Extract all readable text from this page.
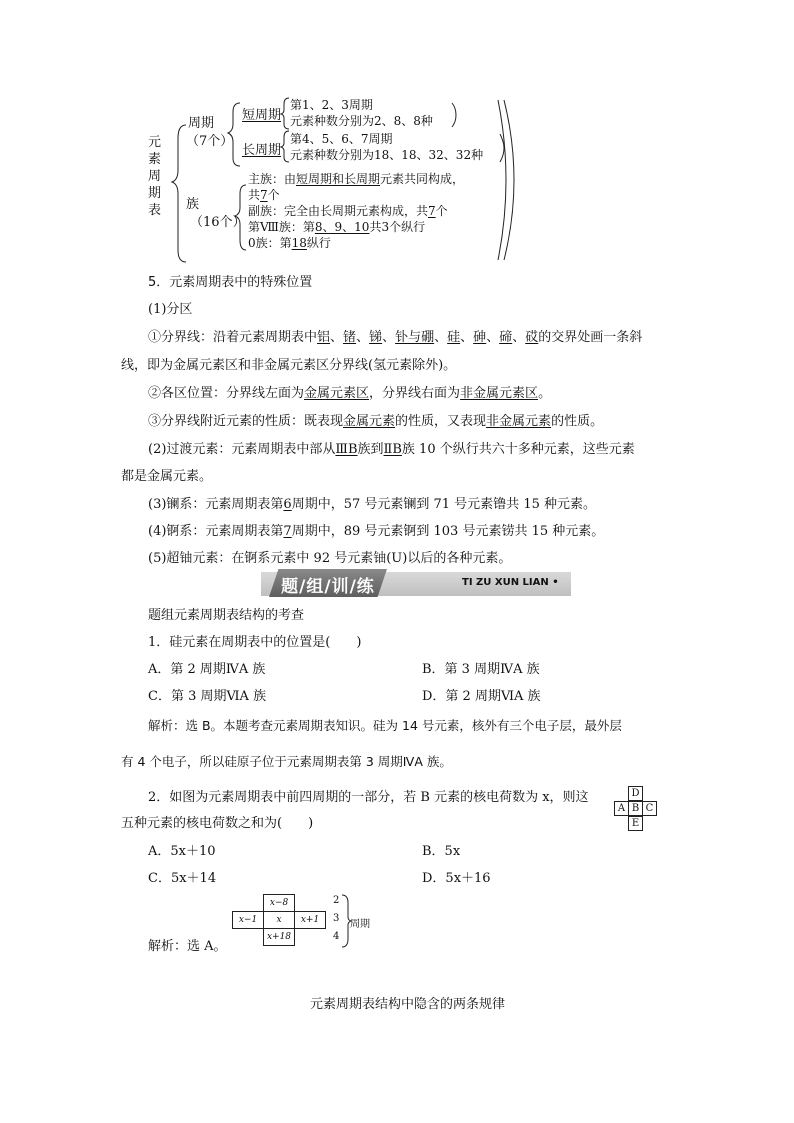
元
素
周
期
表
周期
（7个）
短周期
第1、2、3周期
元素种数分别为2、8、8种
长周期
第4、5、6、7周期
元素种数分别为18、18、32、32种
族
（16个）
主族：由短周期和长周期元素共同构成，
共7个
副族：完全由长周期元素构成，共7个
第Ⅷ族：第8、9、10共3个纵行
0族：第18纵行
5．元素周期表中的特殊位置
(1)分区
①分界线：沿着元素周期表中铝、锗、锑、钋与硼、硅、砷、碲、砹的交界处画一条斜
线，即为金属元素区和非金属元素区分界线(氢元素除外)。
②各区位置：分界线左面为金属元素区，分界线右面为非金属元素区。
③分界线附近元素的性质：既表现金属元素的性质，又表现非金属元素的性质。
(2)过渡元素：元素周期表中部从ⅢB族到ⅡB族 10 个纵行共六十多种元素，这些元素
都是金属元素。
(3)镧系：元素周期表第6周期中，57 号元素镧到 71 号元素镥共 15 种元素。
(4)锕系：元素周期表第7周期中，89 号元素锕到 103 号元素铹共 15 种元素。
(5)超铀元素：在锕系元素中 92 号元素铀(U)以后的各种元素。
题/组/训/练	TI ZU XUN LIAN •
题组元素周期表结构的考查
1．硅元素在周期表中的位置是(　　)
A．第 2 周期ⅣA 族	B．第 3 周期ⅣA 族
C．第 3 周期ⅥA 族	D．第 2 周期ⅥA 族
解析：选 B。本题考查元素周期表知识。硅为 14 号元素，核外有三个电子层，最外层
有 4 个电子，所以硅原子位于元素周期表第 3 周期ⅣA 族。
2．如图为元素周期表中前四周期的一部分，若 B 元素的核电荷数为 x，则这
五种元素的核电荷数之和为(　　)
D
A B C
E
A．5x＋10	B．5x
C．5x＋14	D．5x＋16
解析：选 A。
x−8
x−1	x	x+1
x+18
2
3
4
周期
元素周期表结构中隐含的两条规律
